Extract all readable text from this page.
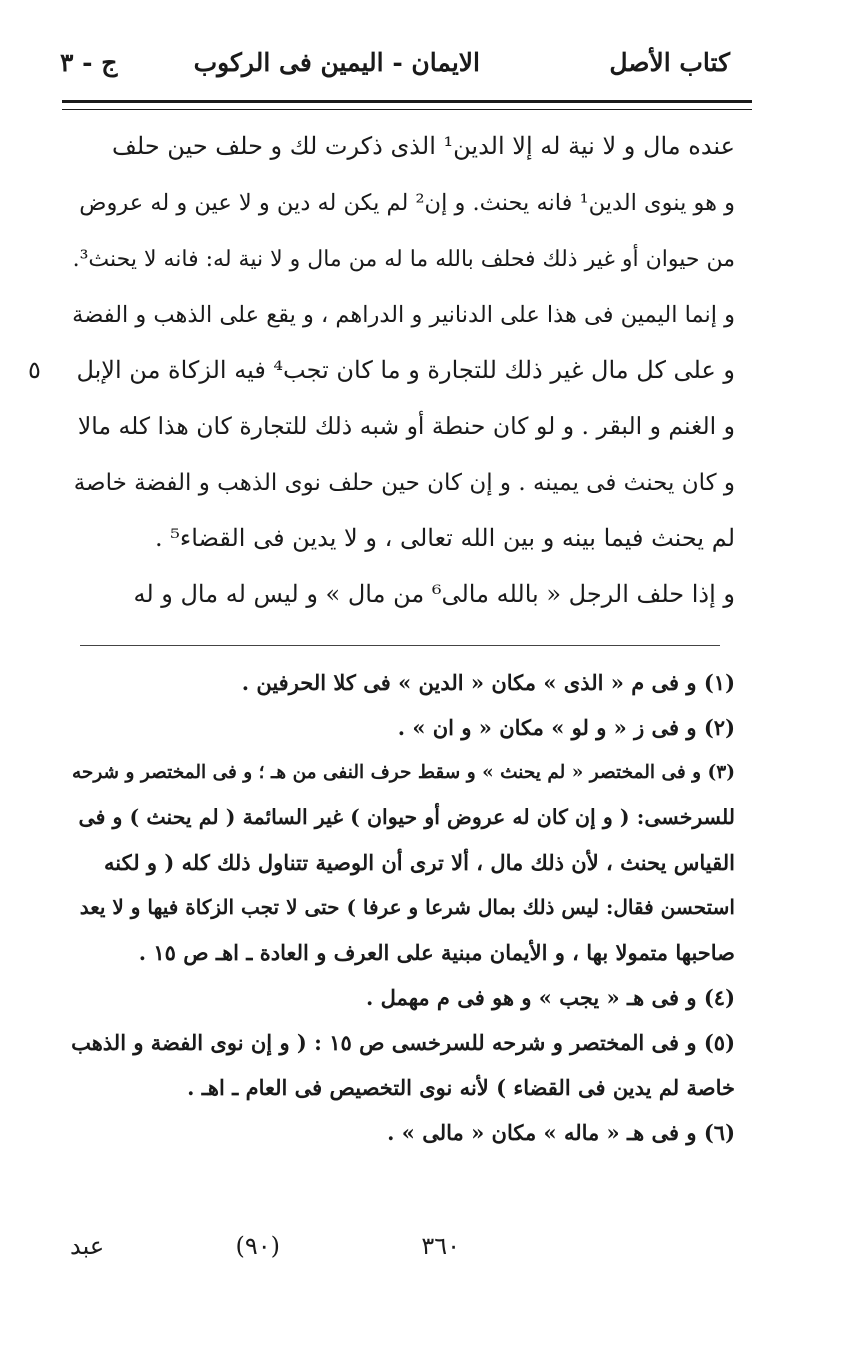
كتاب الأصل
الايمان - اليمين فى الركوب
ج - ٣
عنده مال و لا نية له إلا الدين¹ الذى ذكرت لك و حلف حين حلف
و هو ينوى الدين¹ فانه يحنث. و إن² لم يكن له دين و لا عين و له عروض
من حيوان أو غير ذلك فحلف بالله ما له من مال و لا نية له: فانه لا يحنث³.
و إنما اليمين فى هذا على الدنانير و الدراهم ، و يقع على الذهب و الفضة
و على كل مال غير ذلك للتجارة و ما كان تجب⁴ فيه الزكاة من الإبل
٥
و الغنم و البقر . و لو كان حنطة أو شبه ذلك للتجارة كان هذا كله مالا
و كان يحنث فى يمينه . و إن كان حين حلف نوى الذهب و الفضة خاصة
لم يحنث فيما بينه و بين الله تعالى ، و لا يدين فى القضاء⁵ .
و إذا حلف الرجل « بالله مالى⁶ من مال » و ليس له مال و له
(١) و فى م « الذى » مكان « الدين » فى كلا الحرفين .
(٢) و فى ز « و لو » مكان « و ان » .
(٣) و فى المختصر « لم يحنث » و سقط حرف النفى من هـ ؛ و فى المختصر و شرحه
للسرخسى: ( و إن كان له عروض أو حيوان ) غير السائمة ( لم يحنث ) و فى
القياس يحنث ، لأن ذلك مال ، ألا ترى أن الوصية تتناول ذلك كله ( و لكنه
استحسن فقال: ليس ذلك بمال شرعا و عرفا ) حتى لا تجب الزكاة فيها و لا يعد
صاحبها متمولا بها ، و الأيمان مبنية على العرف و العادة ـ اهـ ص ١٥ .
(٤) و فى هـ « يجب » و هو فى م مهمل .
(٥) و فى المختصر و شرحه للسرخسى ص ١٥ : ( و إن نوى الفضة و الذهب
خاصة لم يدين فى القضاء ) لأنه نوى التخصيص فى العام ـ اهـ .
(٦) و فى هـ « ماله » مكان « مالى » .
٣٦٠
(٩٠)
عبد
